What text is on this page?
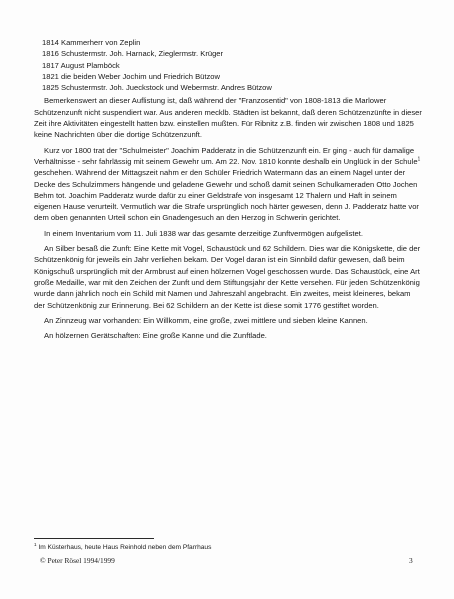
1814 Kammerherr von Zeplin
1816 Schustermstr. Joh. Harnack, Zieglermstr. Krüger
1817 August Plamböck
1821 die beiden Weber Jochim und Friedrich Bützow
1825 Schustermstr. Joh. Jueckstock und Webermstr. Andres Bützow

Bemerkenswert an dieser Auflistung ist, daß während der "Franzosentid" von 1808-1813 die Marlower Schützenzunft nicht suspendiert war. Aus anderen mecklb. Städten ist bekannt, daß deren Schützenzünfte in dieser Zeit ihre Aktivitäten eingestellt hatten bzw. einstellen mußten. Für Ribnitz z.B. finden wir zwischen 1808 und 1825 keine Nachrichten über die dortige Schützenzunft.

Kurz vor 1800 trat der "Schulmeister" Joachim Padderatz in die Schützenzunft ein. Er ging - auch für damalige Verhältnisse - sehr fahrlässig mit seinem Gewehr um. Am 22. Nov. 1810 konnte deshalb ein Unglück in der Schule$^1$ geschehen. Während der Mittagszeit nahm er den Schüler Friedrich Watermann das an einem Nagel unter der Decke des Schulzimmers hängende und geladene Gewehr und schoß damit seinen Schulkameraden Otto Jochen Behm tot. Joachim Padderatz wurde dafür zu einer Geldstrafe von insgesamt 12 Thalern und Haft in seinem eigenen Hause verurteilt. Vermutlich war die Strafe ursprünglich noch härter gewesen, denn J. Padderatz hatte vor dem oben genannten Urteil schon ein Gnadengesuch an den Herzog in Schwerin gerichtet.

In einem Inventarium vom 11. Juli 1838 war das gesamte derzeitige Zunftvermögen aufgelistet.

An Silber besaß die Zunft: Eine Kette mit Vogel, Schaustück und 62 Schildern. Dies war die Königskette, die der Schützenkönig für jeweils ein Jahr verliehen bekam. Der Vogel daran ist ein Sinnbild dafür gewesen, daß beim Königschuß ursprünglich mit der Armbrust auf einen hölzernen Vogel geschossen wurde. Das Schaustück, eine Art große Medaille, war mit den Zeichen der Zunft und dem Stiftungsjahr der Kette versehen. Für jeden Schützenkönig wurde dann jährlich noch ein Schild mit Namen und Jahreszahl angebracht. Ein zweites, meist kleineres, bekam der Schützenkönig zur Erinnerung. Bei 62 Schildern an der Kette ist diese somit 1776 gestiftet worden.

An Zinnzeug war vorhanden: Ein Willkomm, eine große, zwei mittlere und sieben kleine Kannen.

An hölzernen Gerätschaften: Eine große Kanne und die Zunftlade.

$^1$ Im Küsterhaus, heute Haus Reinhold neben dem Pfarrhaus
© Peter Rösel 1994/1999	3
